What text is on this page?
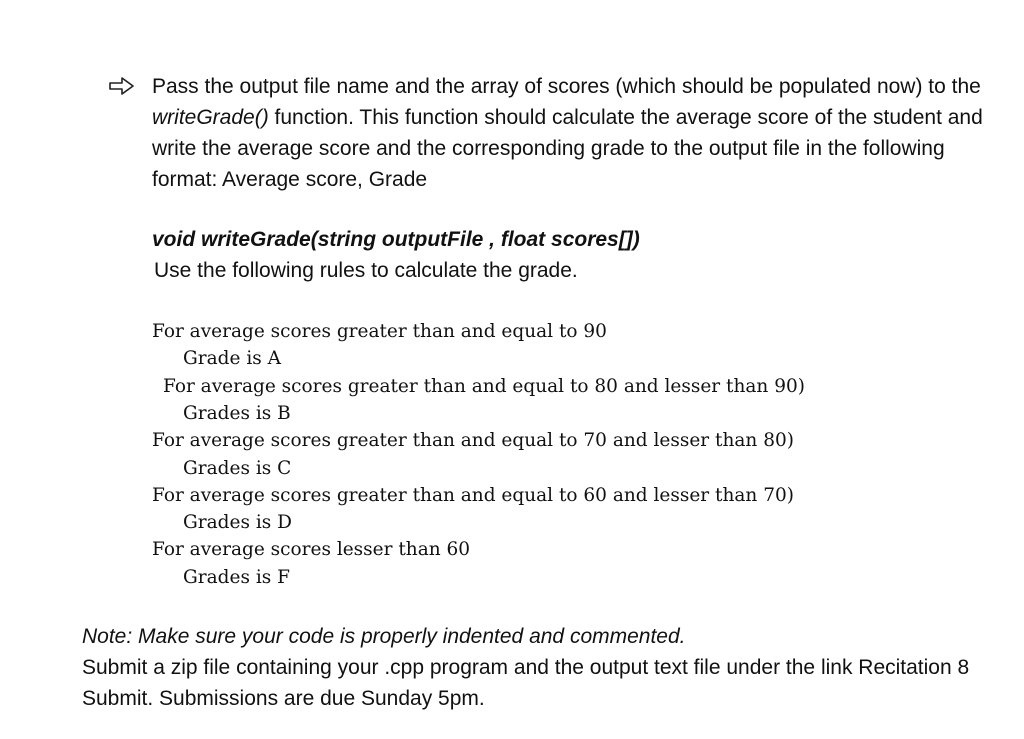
Pass the output file name and the array of scores (which should be populated now) to the writeGrade() function. This function should calculate the average score of the student and write the average score and the corresponding grade to the output file in the following format: Average score, Grade

void writeGrade(string outputFile , float scores[])

Use the following rules to calculate the grade.

For average scores greater than and equal to 90

Grade is A

For average scores greater than and equal to 80 and lesser than 90)

Grades is B

For average scores greater than and equal to 70 and lesser than 80)

Grades is C

For average scores greater than and equal to 60 and lesser than 70)

Grades is D

For average scores lesser than 60

Grades is F

Note: Make sure your code is properly indented and commented.

Submit a zip file containing your .cpp program and the output text file under the link Recitation 8 Submit. Submissions are due Sunday 5pm.
